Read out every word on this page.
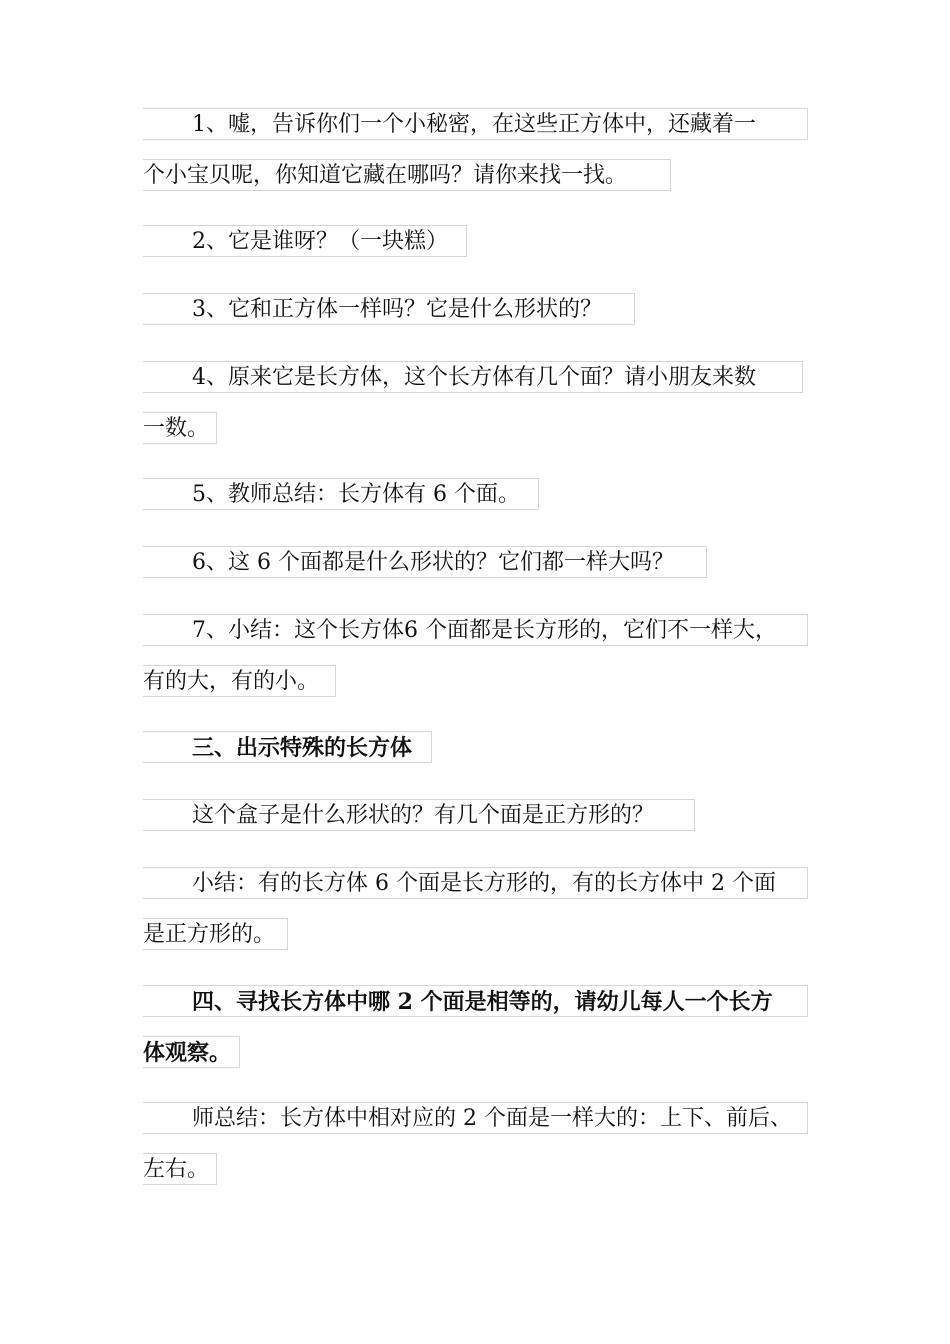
1、嘘，告诉你们一个小秘密，在这些正方体中，还藏着一
个小宝贝呢，你知道它藏在哪吗？请你来找一找。
2、它是谁呀？（一块糕）
3、它和正方体一样吗？它是什么形状的？
4、原来它是长方体，这个长方体有几个面？请小朋友来数
一数。
5、教师总结：长方体有 6 个面。
6、这 6 个面都是什么形状的？它们都一样大吗？
7、小结：这个长方体6 个面都是长方形的，它们不一样大，
有的大，有的小。
三、出示特殊的长方体
这个盒子是什么形状的？有几个面是正方形的？
小结：有的长方体 6 个面是长方形的，有的长方体中 2 个面
是正方形的。
四、寻找长方体中哪 2 个面是相等的，请幼儿每人一个长方
体观察。
师总结：长方体中相对应的 2 个面是一样大的：上下、前后、
左右。
